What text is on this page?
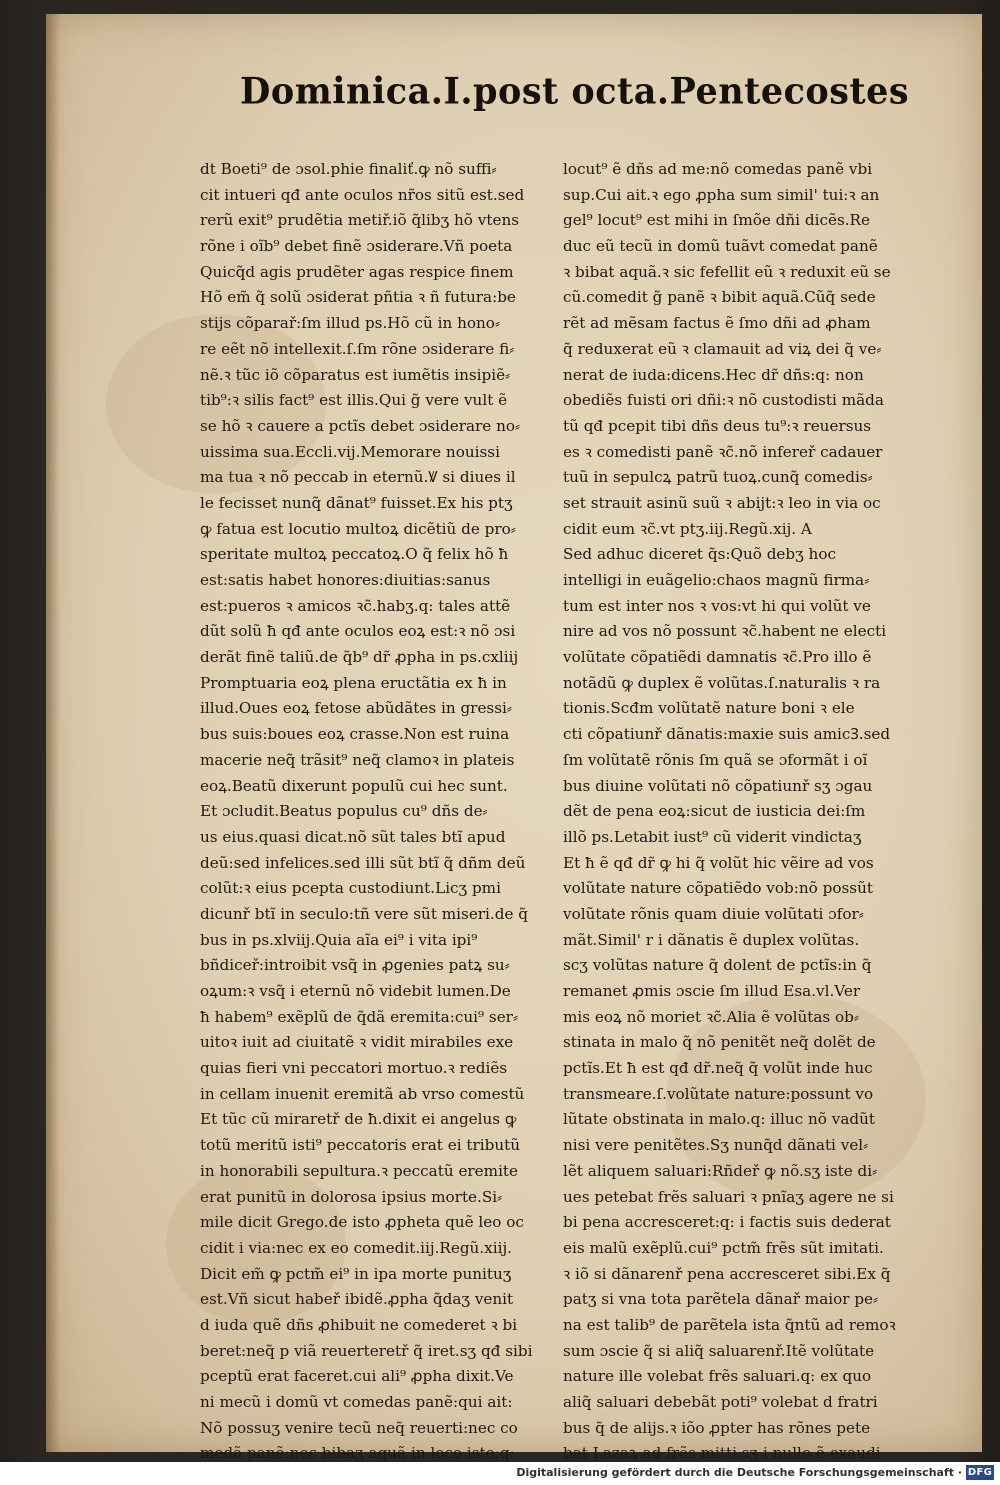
Dominica.I.post octa.Pentecostes
dt Boeti⁹ de ɔsol.phie finaliť.ꝙ nõ suffi⸗
cit intueri qđ ante oculos nr̃os sitũ est.sed
rerũ exit⁹ prudẽtia metiř.iõ q̃libʒ hõ vtens
rõne i oĩb⁹ debet finẽ ɔsiderare.Vñ poeta
Quicq̃d agis prudẽter agas respice finem
Hõ em̃ q̃ solũ ɔsiderat pñtia ꝛ ñ futura:be
stijs cõparař:ſm illud ps.Hõ cũ in hono⸗
re eẽt nõ intellexit.ſ.ſm rõne ɔsiderare fi⸗
nẽ.ꝛ tũc iõ cõparatus est iumẽtis insipiẽ⸗
tib⁹:ꝛ silis fact⁹ est illis.Qui g̃ vere vult ẽ
se hõ ꝛ cauere a pctĩs debet ɔsiderare no⸗
uissima sua.Eccli.vij.Memorare nouissi
ma tua ꝛ nõ peccab in eternũ.Ꝟ si diues il
le fecisset nunq̃ dãnat⁹ fuisset.Ex his ptʒ
ꝙ fatua est locutio multoꝝ dicẽtiũ de pro⸗
speritate multoꝝ peccatoꝝ.O q̃ felix hõ ħ
est:satis habet honores:diuitias:sanus
est:pueros ꝛ amicos ꝛc̃.habʒ.q: tales attẽ
dũt solũ ħ qđ ante oculos eoꝝ est:ꝛ nõ ɔsi
derãt finẽ taliũ.de q̃b⁹ dr̃ ꝓpha in ps.cxliij
Promptuaria eoꝝ plena eructãtia ex ħ in
illud.Oues eoꝝ fetose abũdãtes in gressi⸗
bus suis:boues eoꝝ crasse.Non est ruina
macerie neq̃ trãsit⁹ neq̃ clamoꝛ in plateis
eoꝝ.Beatũ dixerunt populũ cui hec sunt.
Et ɔcludit.Beatus populus cu⁹ dñs de⸗
us eius.quasi dicat.nõ sũt tales btĩ apud
deũ:sed infelices.sed illi sũt btĩ q̃ dñm deũ
colũt:ꝛ eius pcepta custodiunt.Licʒ pmi
dicunř btĩ in seculo:tñ vere sũt miseri.de q̃
bus in ps.xlviij.Quia aĩa ei⁹ i vita ipi⁹
bñdiceř:introibit vsq̃ in ꝓgenies patꝝ su⸗
oꝝum:ꝛ vsq̃ i eternũ nõ videbit lumen.De
ħ habem⁹ exẽplũ de q̃dã eremita:cui⁹ ser⸗
uitoꝛ iuit ad ciuitatẽ ꝛ vidit mirabiles exe
quias fieri vni peccatori mortuo.ꝛ rediẽs
in cellam inuenit eremitã ab vrso comestũ
Et tũc cũ miraretř de ħ.dixit ei angelus ꝙ
totũ meritũ isti⁹ peccatoris erat ei tributũ
in honorabili sepultura.ꝛ peccatũ eremite
erat punitũ in dolorosa ipsius morte.Si⸗
mile dicit Grego.de isto ꝓpheta quẽ leo oc
cidit i via:nec ex eo comedit.iij.Regũ.xiij.
Dicit em̃ ꝙ pctm̃ ei⁹ in ipa morte punituʒ
est.Vñ sicut habeř ibidẽ.ꝓpha q̃daʒ venit
d iuda quẽ dñs ꝓhibuit ne comederet ꝛ bi
beret:neq̃ p viã reuerteretř q̃ iret.sʒ qđ sibi
pceptũ erat faceret.cui ali⁹ ꝓpha dixit.Ve
ni mecũ i domũ vt comedas panẽ:qui ait:
Nõ possuʒ venire tecũ neq̃ reuerti:nec co
medã panẽ:nec bibaʒ aquã in loco isto:q:
locut⁹ ẽ dñs ad me:nõ comedas panẽ vbi
sup.Cui ait.ꝛ ego ꝓpha sum simil' tui:ꝛ an
gel⁹ locut⁹ est mihi in ſmõe dñi dicẽs.Re
duc eũ tecũ in domũ tuãvt comedat panẽ
ꝛ bibat aquã.ꝛ sic fefellit eũ ꝛ reduxit eũ se
cũ.comedit g̃ panẽ ꝛ bibit aquã.Cũq̃ sede
rẽt ad mẽsam factus ẽ ſmo dñi ad ꝓham
q̃ reduxerat eũ ꝛ clamauit ad viꝝ dei q̃ ve⸗
nerat de iuda:dicens.Hec dr̃ dñs:q: non
obediẽs fuisti ori dñi:ꝛ nõ custodisti mãda
tũ qđ pcepit tibi dñs deus tu⁹:ꝛ reuersus
es ꝛ comedisti panẽ ꝛc̃.nõ infereř cadauer
tuũ in sepulcꝝ patrũ tuoꝝ.cunq̃ comedis⸗
set strauit asinũ suũ ꝛ abijt:ꝛ leo in via oc
cidit eum ꝛc̃.vt ptʒ.iij.Regũ.xij. A
Sed adhuc diceret q̃s:Quõ debʒ hoc
intelligi in euãgelio:chaos magnũ firma⸗
tum est inter nos ꝛ vos:vt hi qui volũt ve
nire ad vos nõ possunt ꝛc̃.habent ne electi
volũtate cõpatiẽdi damnatis ꝛc̃.Pro illo ẽ
notãdũ ꝙ duplex ẽ volũtas.ſ.naturalis ꝛ ra
tionis.Scđm volũtatẽ nature boni ꝛ ele
cti cõpatiunř dãnatis:maxie suis amicꝪ.sed
ſm volũtatẽ rõnis ſm quã se ɔformãt i oĩ
bus diuine volũtati nõ cõpatiunř sʒ ɔgau
dẽt de pena eoꝝ:sicut de iusticia dei:ſm
illõ ps.Letabit iust⁹ cũ viderit vindictaʒ
Et ħ ẽ qđ dr̃ ꝙ hi q̃ volũt hic vẽire ad vos
volũtate nature cõpatiẽdo vob:nõ possũt
volũtate rõnis quam diuie volũtati ɔfor⸗
mãt.Simil' r i dãnatis ẽ duplex volũtas.
scʒ volũtas nature q̃ dolent de pctĩs:in q̃
remanet ꝓmis ɔscie ſm illud Esa.vl.Ver
mis eoꝝ nõ moriet ꝛc̃.Alia ẽ volũtas ob⸗
stinata in malo q̃ nõ penitẽt neq̃ dolẽt de
pctĩs.Et ħ est qđ dr̃.neq̃ q̃ volũt inde huc
transmeare.ſ.volũtate nature:possunt vo
lũtate obstinata in malo.q: illuc nõ vadũt
nisi vere penitẽtes.Sʒ nunq̃d dãnati vel⸗
lẽt aliquem saluari:Rñdeř ꝙ nõ.sʒ iste di⸗
ues petebat frẽs saluari ꝛ pnĩaʒ agere ne si
bi pena accresceret:q: i factis suis dederat
eis malũ exẽplũ.cui⁹ pctm̃ frẽs sũt imitati.
ꝛ iõ si dãnarenř pena accresceret sibi.Ex q̃
patʒ si vna tota parẽtela dãnař maior pe⸗
na est talib⁹ de parẽtela ista q̃ntũ ad remoꝛ
sum ɔscie q̃ si aliq̃ saluarenř.Itẽ volũtate
nature ille volebat frẽs saluari.q: ex quo
aliq̃ saluari debebãt poti⁹ volebat d fratri
bus q̃ de alijs.ꝛ iõo ꝓpter has rõnes pete
bat Lazaꝝ ad frẽs mitti.sʒ i nullo ẽ exaudi
Digitalisierung gefördert durch die Deutsche Forschungsgemeinschaft · DFG
